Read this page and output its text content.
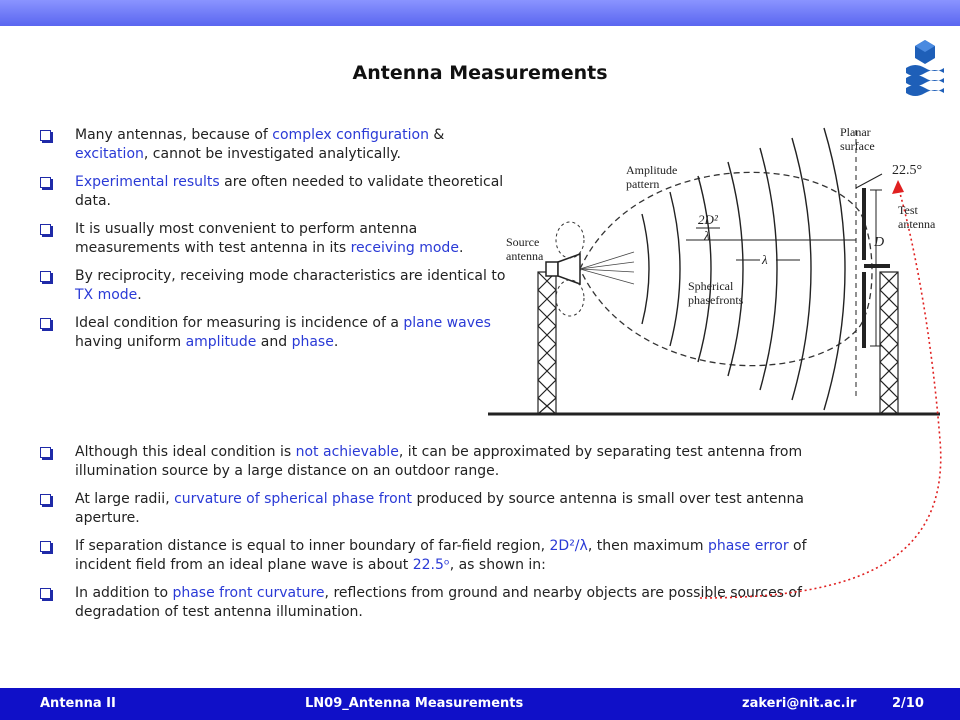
Antenna Measurements
Many antennas, because of complex configuration & excitation, cannot be investigated analytically.
Experimental results are often needed to validate theoretical data.
It is usually most convenient to perform antenna measurements with test antenna in its receiving mode.
By reciprocity, receiving mode characteristics are identical to TX mode.
Ideal condition for measuring is incidence of a plane waves having uniform amplitude and phase.
Although this ideal condition is not achievable, it can be approximated by separating test antenna from illumination source by a large distance on an outdoor range.
At large radii, curvature of spherical phase front produced by source antenna is small over test antenna aperture.
If separation distance is equal to inner boundary of far-field region, 2D²/λ, then maximum phase error of incident field from an ideal plane wave is about 22.5ᵒ, as shown in:
In addition to phase front curvature, reflections from ground and nearby objects are possible sources of degradation of test antenna illumination.
Planar surface
22.5°
Amplitude pattern
Test antenna
Source antenna
Spherical phasefronts
λ
D
2D²
λ
Antenna II	LN09_Antenna Measurements	zakeri@nit.ac.ir	2/10
